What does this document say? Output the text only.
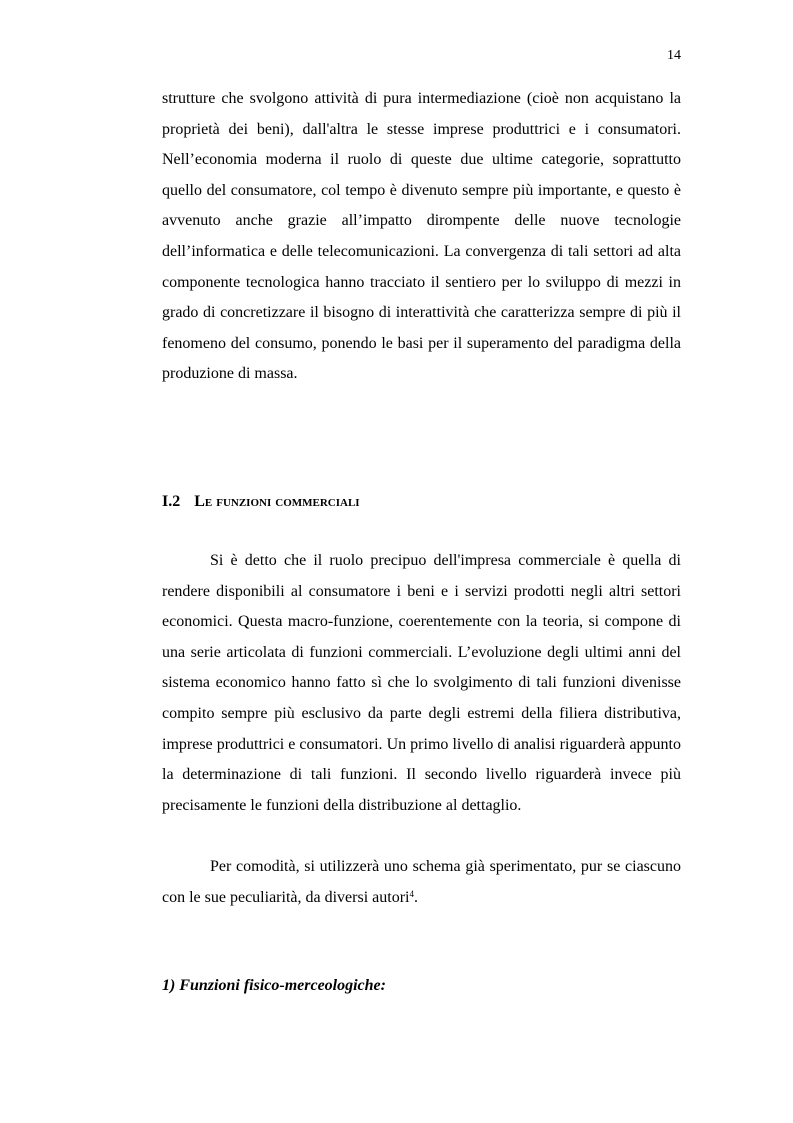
14

strutture che svolgono attività di pura intermediazione (cioè non acquistano la proprietà dei beni), dall'altra le stesse imprese produttrici e i consumatori. Nell’economia moderna il ruolo di queste due ultime categorie, soprattutto quello del consumatore, col tempo è divenuto sempre più importante, e questo è avvenuto anche grazie all’impatto dirompente delle nuove tecnologie dell’informatica e delle telecomunicazioni. La convergenza di tali settori ad alta componente tecnologica hanno tracciato il sentiero per lo sviluppo di mezzi in grado di concretizzare il bisogno di interattività che caratterizza sempre di più il fenomeno del consumo, ponendo le basi per il superamento del paradigma della produzione di massa.

I.2 Le funzioni commerciali

Si è detto che il ruolo precipuo dell'impresa commerciale è quella di rendere disponibili al consumatore i beni e i servizi prodotti negli altri settori economici. Questa macro-funzione, coerentemente con la teoria, si compone di una serie articolata di funzioni commerciali. L’evoluzione degli ultimi anni del sistema economico hanno fatto sì che lo svolgimento di tali funzioni divenisse compito sempre più esclusivo da parte degli estremi della filiera distributiva, imprese produttrici e consumatori. Un primo livello di analisi riguarderà appunto la determinazione di tali funzioni. Il secondo livello riguarderà invece più precisamente le funzioni della distribuzione al dettaglio.

Per comodità, si utilizzerà uno schema già sperimentato, pur se ciascuno con le sue peculiarità, da diversi autori$^4$.

1) Funzioni fisico-merceologiche:
